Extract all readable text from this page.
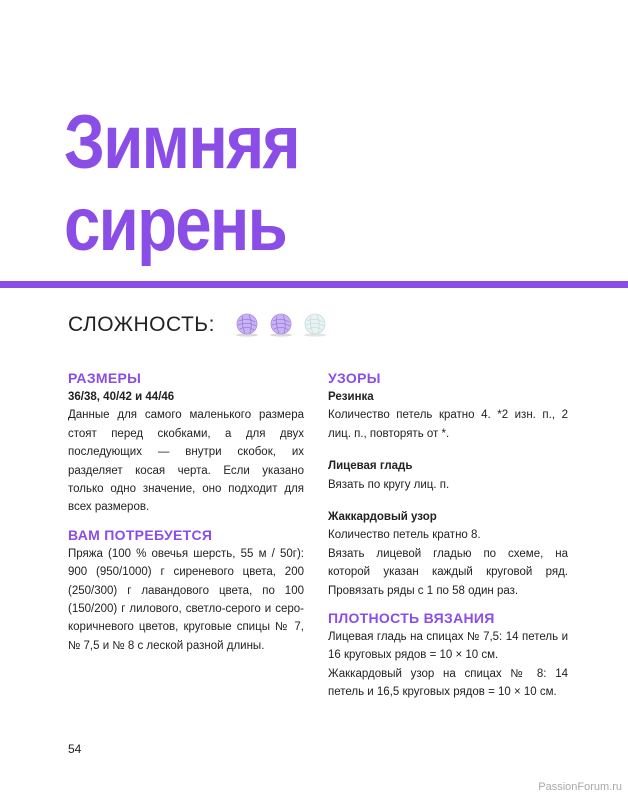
Зимняя
сирень
СЛОЖНОСТЬ:
РАЗМЕРЫ

36/38, 40/42 и 44/46

Данные для самого маленького размера стоят перед скобками, а для двух последующих — внутри скобок, их разделяет косая черта. Если указано только одно значение, оно подходит для всех размеров.

ВАМ ПОТРЕБУЕТСЯ

Пряжа (100 % овечья шерсть, 55 м / 50г): 900 (950/1000) г сиреневого цвета, 200 (250/300) г лавандового цвета, по 100 (150/200) г лилового, светло-серого и серо-коричневого цветов, круговые спицы № 7, № 7,5 и № 8 с леской разной длины.

УЗОРЫ

Резинка

Количество петель кратно 4. *2 изн. п., 2 лиц. п., повторять от *.

Лицевая гладь

Вязать по кругу лиц. п.

Жаккардовый узор

Количество петель кратно 8.

Вязать лицевой гладью по схеме, на которой указан каждый круговой ряд. Провязать ряды с 1 по 58 один раз.

ПЛОТНОСТЬ ВЯЗАНИЯ

Лицевая гладь на спицах № 7,5: 14 петель и 16 круговых рядов = 10 × 10 см.

Жаккардовый узор на спицах № 8: 14 петель и 16,5 круговых рядов = 10 × 10 см.

54
PassionForum.ru
